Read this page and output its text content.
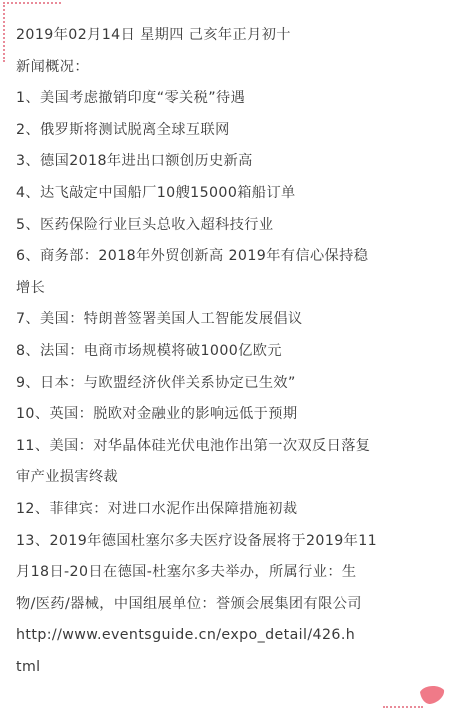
2019年02月14日 星期四 己亥年正月初十
新闻概况：
1、美国考虑撤销印度“零关税”待遇
2、俄罗斯将测试脱离全球互联网
3、德国2018年进出口额创历史新高
4、达飞敲定中国船厂10艘15000箱船订单
5、医药保险行业巨头总收入超科技行业
6、商务部：2018年外贸创新高 2019年有信心保持稳
增长
7、美国：特朗普签署美国人工智能发展倡议
8、法国：电商市场规模将破1000亿欧元
9、日本：与欧盟经济伙伴关系协定已生效”
10、英国：脱欧对金融业的影响远低于预期
11、美国：对华晶体硅光伏电池作出第一次双反日落复
审产业损害终裁
12、菲律宾：对进口水泥作出保障措施初裁
13、2019年德国杜塞尔多夫医疗设备展将于2019年11
月18日-20日在德国-杜塞尔多夫举办，所属行业：生
物/医药/器械，中国组展单位：誉颁会展集团有限公司
http://www.eventsguide.cn/expo_detail/426.h
tml
